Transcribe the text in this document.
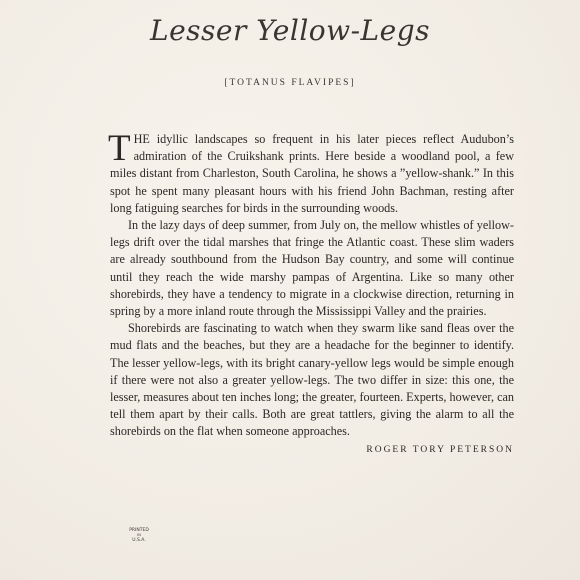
Lesser Yellow-Legs
[TOTANUS FLAVIPES]

THE idyllic landscapes so frequent in his later pieces reflect Audubon’s admiration of the Cruikshank prints. Here beside a woodland pool, a few miles distant from Charleston, South Carolina, he shows a ”yellow-shank.” In this spot he spent many pleasant hours with his friend John Bachman, resting after long fatiguing searches for birds in the surrounding woods.

In the lazy days of deep summer, from July on, the mellow whistles of yellow-legs drift over the tidal marshes that fringe the Atlantic coast. These slim waders are already southbound from the Hudson Bay country, and some will continue until they reach the wide marshy pampas of Argentina. Like so many other shorebirds, they have a tendency to migrate in a clockwise direction, returning in spring by a more inland route through the Mississippi Valley and the prairies.

Shorebirds are fascinating to watch when they swarm like sand fleas over the mud flats and the beaches, but they are a headache for the beginner to identify. The lesser yellow-legs, with its bright canary-yellow legs would be simple enough if there were not also a greater yellow-legs. The two differ in size: this one, the lesser, measures about ten inches long; the greater, fourteen. Experts, however, can tell them apart by their calls. Both are great tattlers, giving the alarm to all the shorebirds on the flat when someone approaches.
ROGER TORY PETERSON

PRINTED
IN
U.S.A.
